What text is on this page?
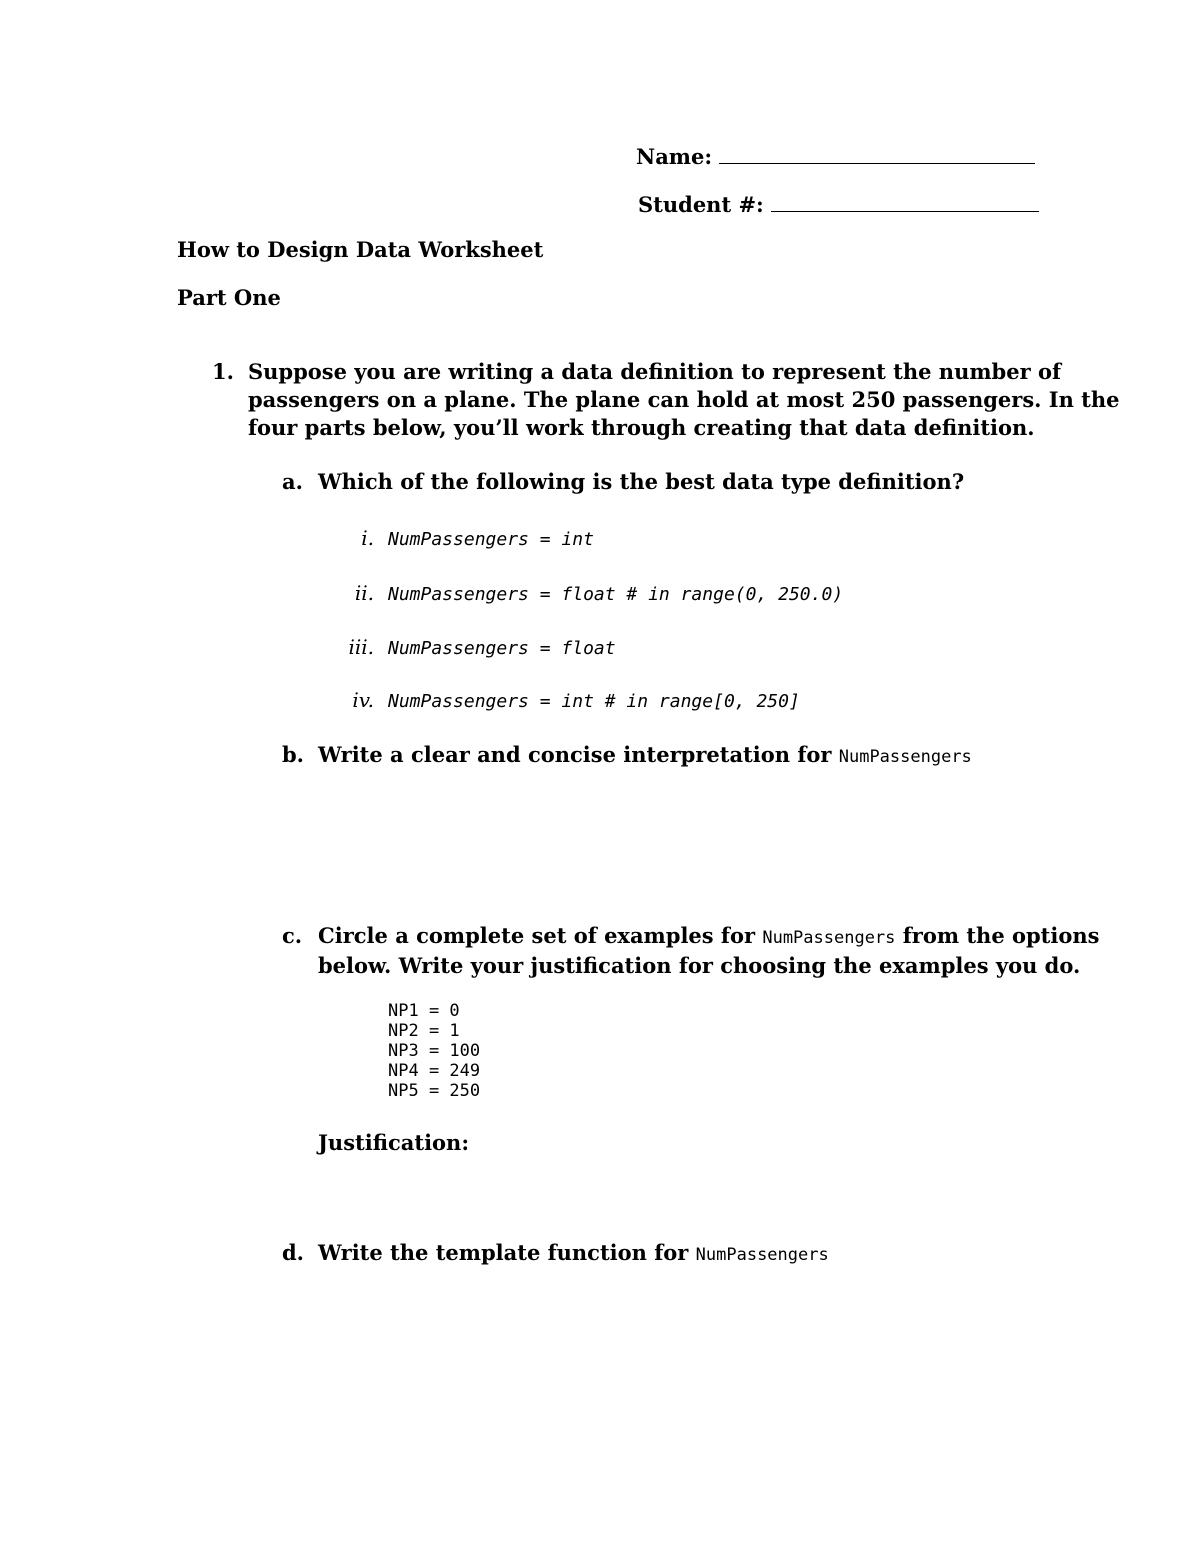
Name:
Student #:
How to Design Data Worksheet
Part One
1. Suppose you are writing a data definition to represent the number of
passengers on a plane. The plane can hold at most 250 passengers. In the
four parts below, you’ll work through creating that data definition.
a. Which of the following is the best data type definition?
i. NumPassengers = int
ii. NumPassengers = float # in range(0, 250.0)
iii. NumPassengers = float
iv. NumPassengers = int # in range[0, 250]
b. Write a clear and concise interpretation for NumPassengers
c. Circle a complete set of examples for NumPassengers from the options
below. Write your justification for choosing the examples you do.
NP1 = 0
NP2 = 1
NP3 = 100
NP4 = 249
NP5 = 250
Justification:
d. Write the template function for NumPassengers
